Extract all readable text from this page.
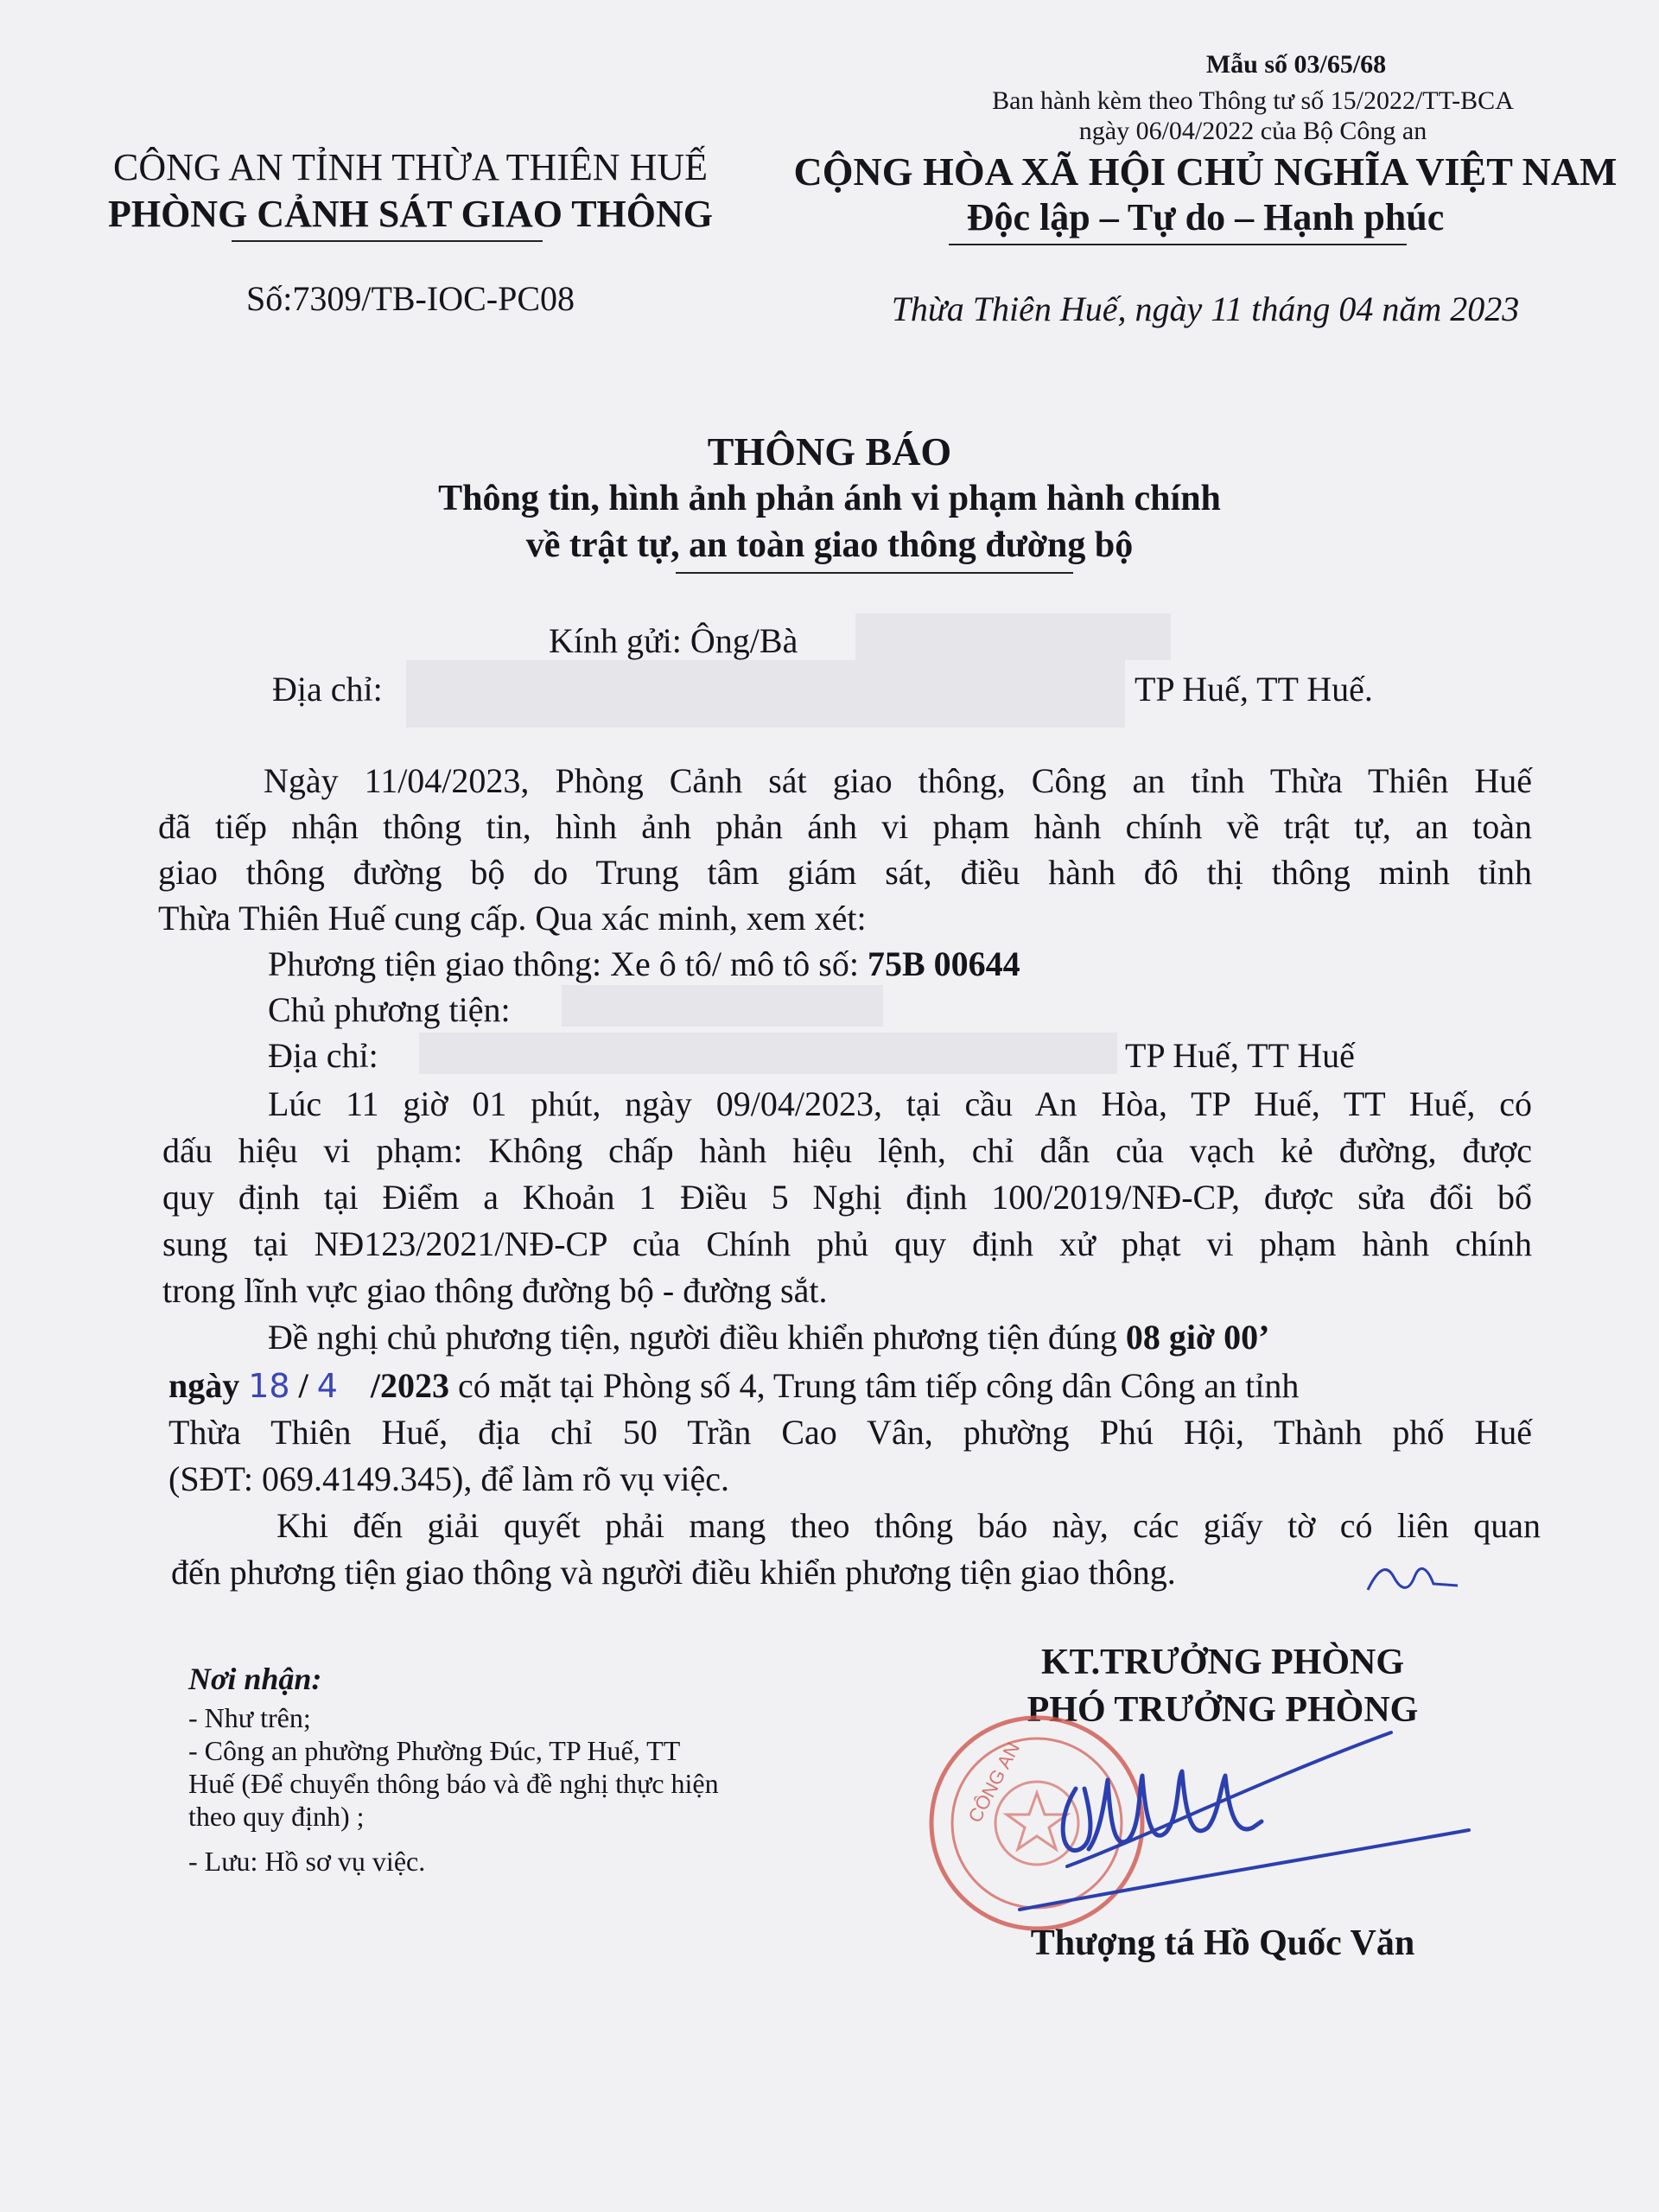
Mẫu số 03/65/68
Ban hành kèm theo Thông tư số 15/2022/TT-BCA
ngày 06/04/2022 của Bộ Công an
CÔNG AN TỈNH THỪA THIÊN HUẾ
PHÒNG CẢNH SÁT GIAO THÔNG
Số:7309/TB-IOC-PC08
CỘNG HÒA XÃ HỘI CHỦ NGHĨA VIỆT NAM
Độc lập – Tự do – Hạnh phúc
Thừa Thiên Huế, ngày 11 tháng 04 năm 2023
THÔNG BÁO
Thông tin, hình ảnh phản ánh vi phạm hành chính
về trật tự, an toàn giao thông đường bộ
Kính gửi: Ông/Bà
Địa chỉ:	TP Huế, TT Huế.
Ngày 11/04/2023, Phòng Cảnh sát giao thông, Công an tỉnh Thừa Thiên Huế
đã tiếp nhận thông tin, hình ảnh phản ánh vi phạm hành chính về trật tự, an toàn
giao thông đường bộ do Trung tâm giám sát, điều hành đô thị thông minh tỉnh
Thừa Thiên Huế cung cấp. Qua xác minh, xem xét:
Phương tiện giao thông: Xe ô tô/ mô tô số: 75B 00644
Chủ phương tiện:
Địa chỉ:	TP Huế, TT Huế
Lúc 11 giờ 01 phút, ngày 09/04/2023, tại cầu An Hòa, TP Huế, TT Huế, có
dấu hiệu vi phạm: Không chấp hành hiệu lệnh, chỉ dẫn của vạch kẻ đường, được
quy định tại Điểm a Khoản 1 Điều 5 Nghị định 100/2019/NĐ-CP, được sửa đổi bổ
sung tại NĐ123/2021/NĐ-CP của Chính phủ quy định xử phạt vi phạm hành chính
trong lĩnh vực giao thông đường bộ - đường sắt.
Đề nghị chủ phương tiện, người điều khiển phương tiện đúng 08 giờ 00’
ngày 18 / 4 /2023 có mặt tại Phòng số 4, Trung tâm tiếp công dân Công an tỉnh
Thừa Thiên Huế, địa chỉ 50 Trần Cao Vân, phường Phú Hội, Thành phố Huế
(SĐT: 069.4149.345), để làm rõ vụ việc.
Khi đến giải quyết phải mang theo thông báo này, các giấy tờ có liên quan
đến phương tiện giao thông và người điều khiển phương tiện giao thông.
Nơi nhận:
- Như trên;
- Công an phường Phường Đúc, TP Huế, TT
Huế (Để chuyển thông báo và đề nghị thực hiện
theo quy định) ;
- Lưu: Hồ sơ vụ việc.
KT.TRƯỞNG PHÒNG
PHÓ TRƯỞNG PHÒNG
CÔNG AN
Thượng tá Hồ Quốc Văn
